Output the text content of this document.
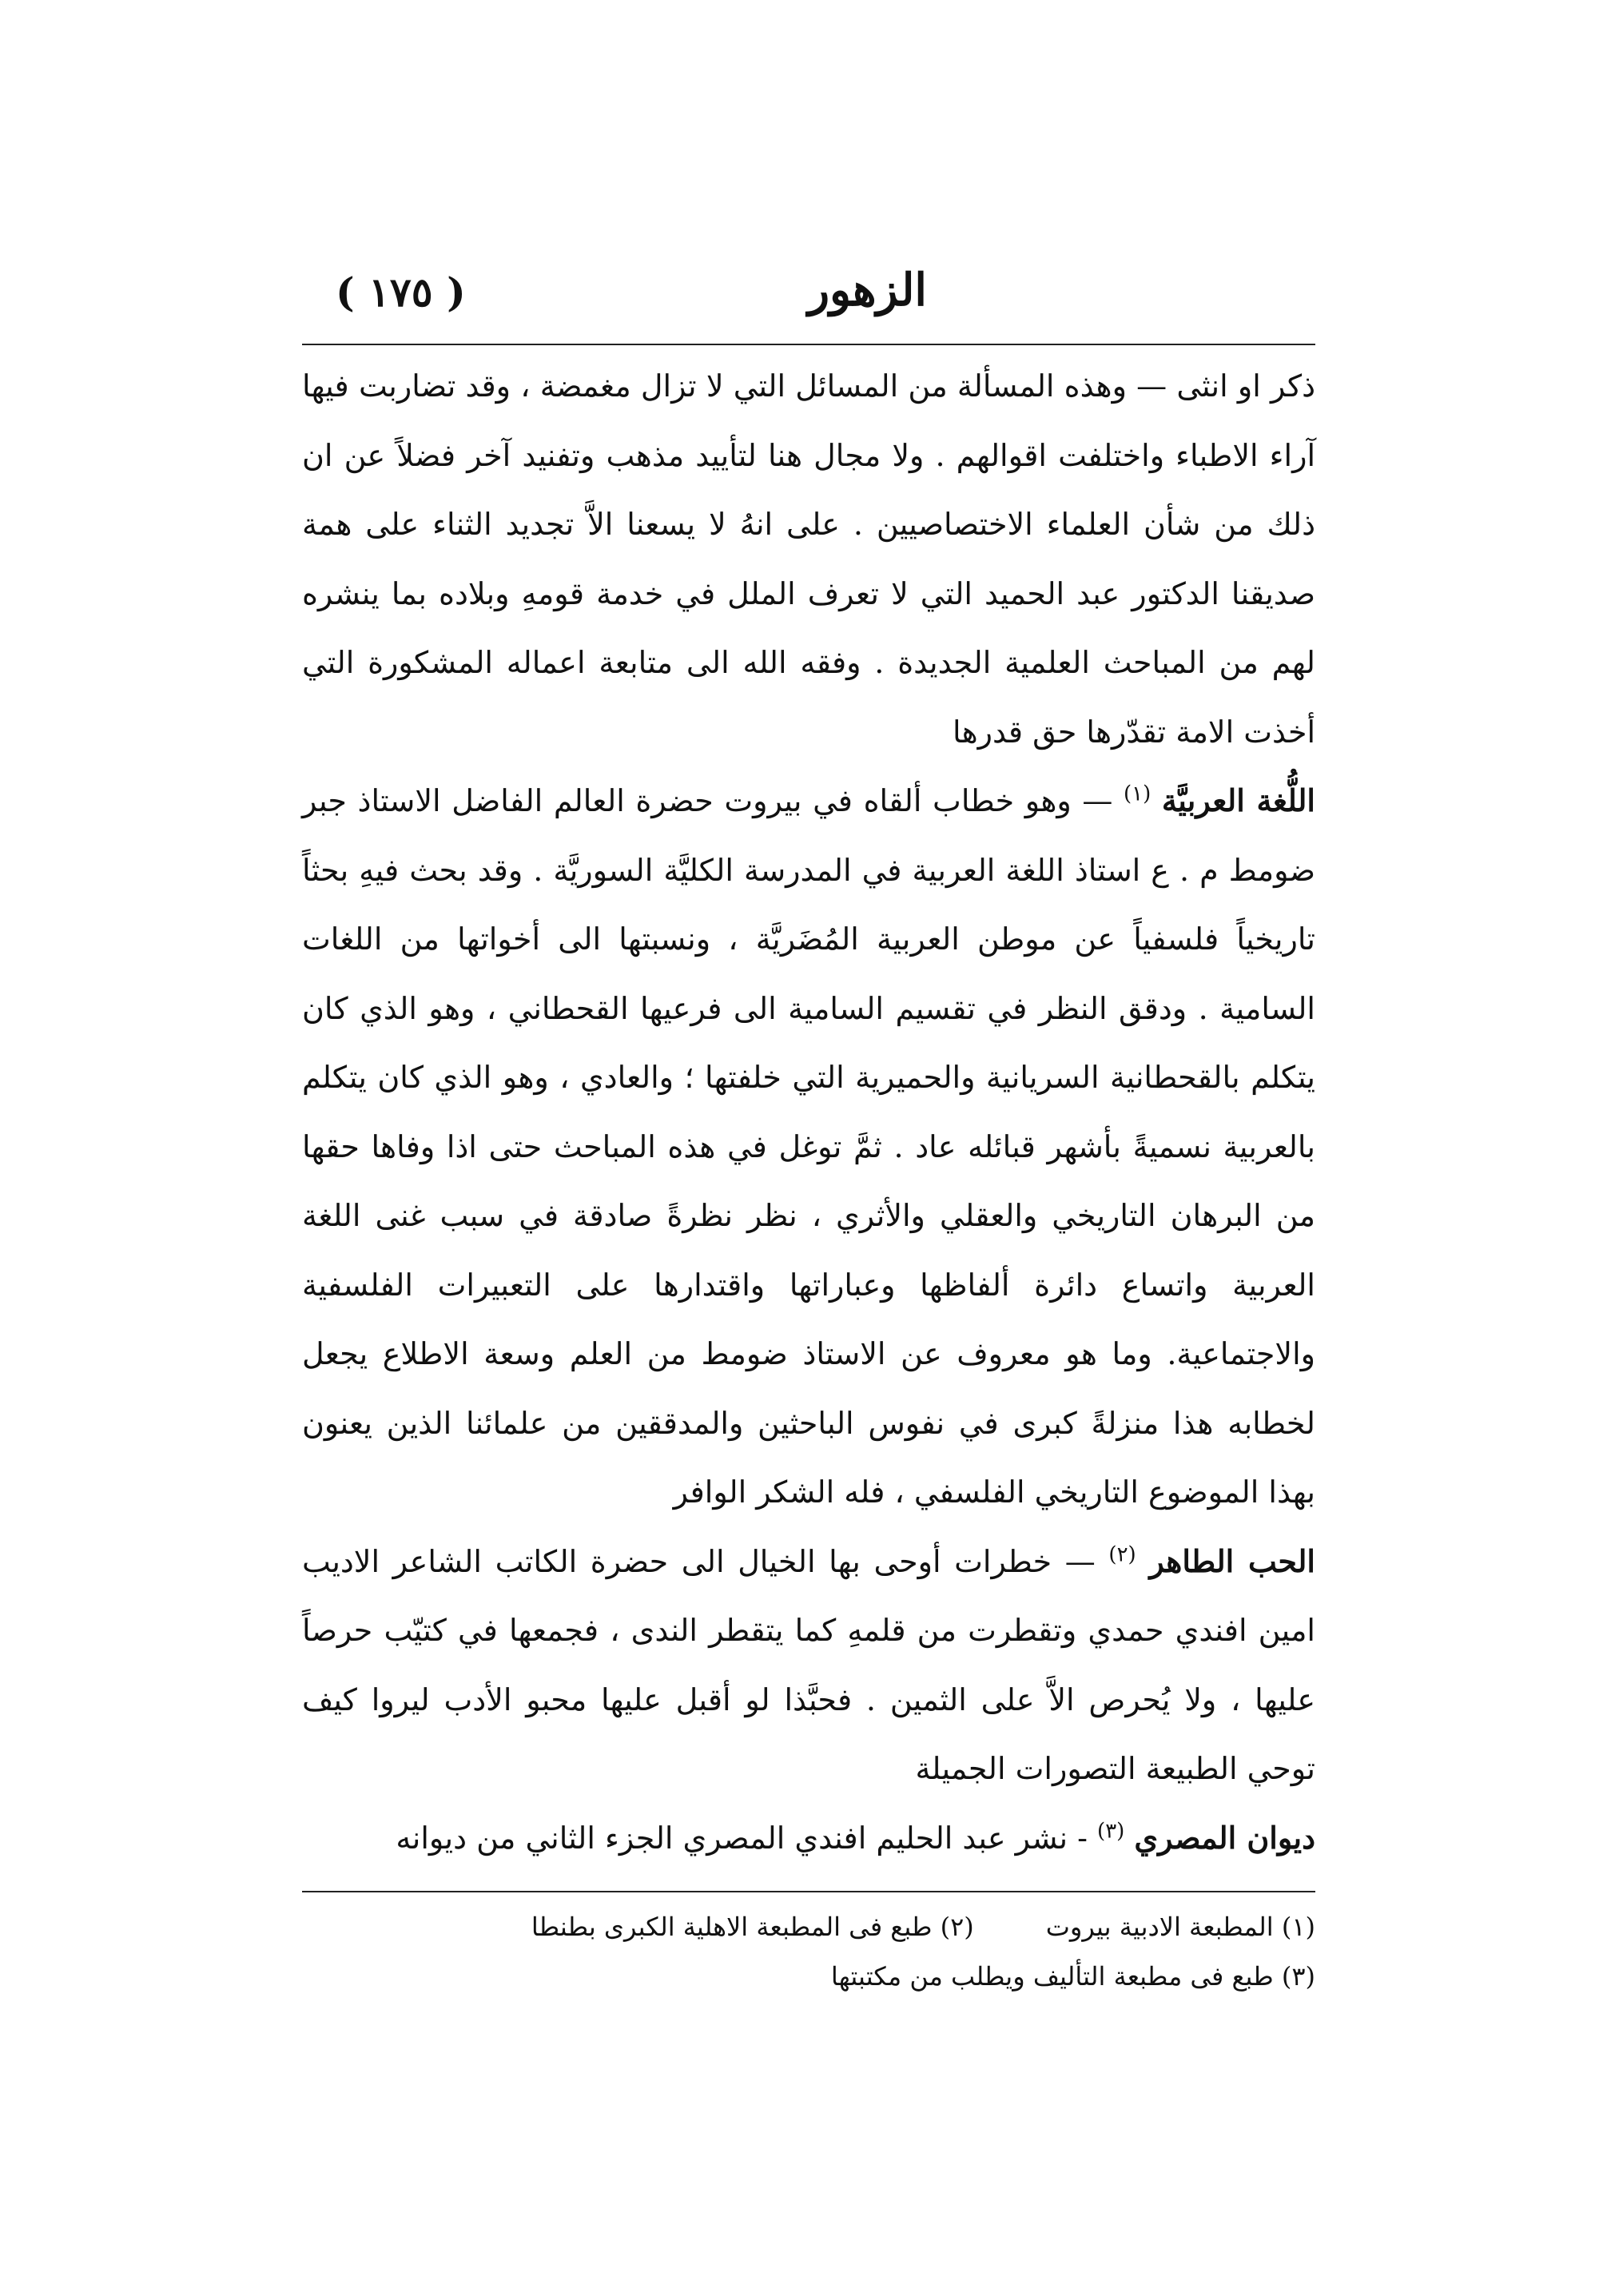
الزهور
( ١٧٥ )

ذكر او انثى — وهذه المسألة من المسائل التي لا تزال مغمضة ، وقد تضاربت فيها آراء الاطباء واختلفت اقوالهم . ولا مجال هنا لتأييد مذهب وتفنيد آخر فضلاً عن ان ذلك من شأن العلماء الاختصاصيين . على انهُ لا يسعنا الاَّ تجديد الثناء على همة صديقنا الدكتور عبد الحميد التي لا تعرف الملل في خدمة قومهِ وبلاده بما ينشره لهم من المباحث العلمية الجديدة . وفقه الله الى متابعة اعماله المشكورة التي أخذت الامة تقدّرها حق قدرها

اللُّغة العربيَّة $^{(١)}$ — وهو خطاب ألقاه في بيروت حضرة العالم الفاضل الاستاذ جبر ضومط م . ع استاذ اللغة العربية في المدرسة الكليَّة السوريَّة . وقد بحث فيهِ بحثاً تاريخياً فلسفياً عن موطن العربية المُضَريَّة ، ونسبتها الى أخواتها من اللغات السامية . ودقق النظر في تقسيم السامية الى فرعيها القحطاني ، وهو الذي كان يتكلم بالقحطانية السريانية والحميرية التي خلفتها ؛ والعادي ، وهو الذي كان يتكلم بالعربية نسميةً بأشهر قبائله عاد . ثمَّ توغل في هذه المباحث حتى اذا وفاها حقها من البرهان التاريخي والعقلي والأثري ، نظر نظرةً صادقة في سبب غنى اللغة العربية واتساع دائرة ألفاظها وعباراتها واقتدارها على التعبيرات الفلسفية والاجتماعية. وما هو معروف عن الاستاذ ضومط من العلم وسعة الاطلاع يجعل لخطابه هذا منزلةً كبرى في نفوس الباحثين والمدققين من علمائنا الذين يعنون بهذا الموضوع التاريخي الفلسفي ، فله الشكر الوافر

الحب الطاهر $^{(٢)}$ — خطرات أوحى بها الخيال الى حضرة الكاتب الشاعر الاديب امين افندي حمدي وتقطرت من قلمهِ كما يتقطر الندى ، فجمعها في كتيّب حرصاً عليها ، ولا يُحرص الاَّ على الثمين . فحبَّذا لو أقبل عليها محبو الأدب ليروا كيف توحي الطبيعة التصورات الجميلة

ديوان المصري $^{(٣)}$ - نشر عبد الحليم افندي المصري الجزء الثاني من ديوانه

(١) المطبعة الادبية بيروت
(٢) طبع فى المطبعة الاهلية الكبرى بطنطا
(٣) طبع فى مطبعة التأليف ويطلب من مكتبتها
